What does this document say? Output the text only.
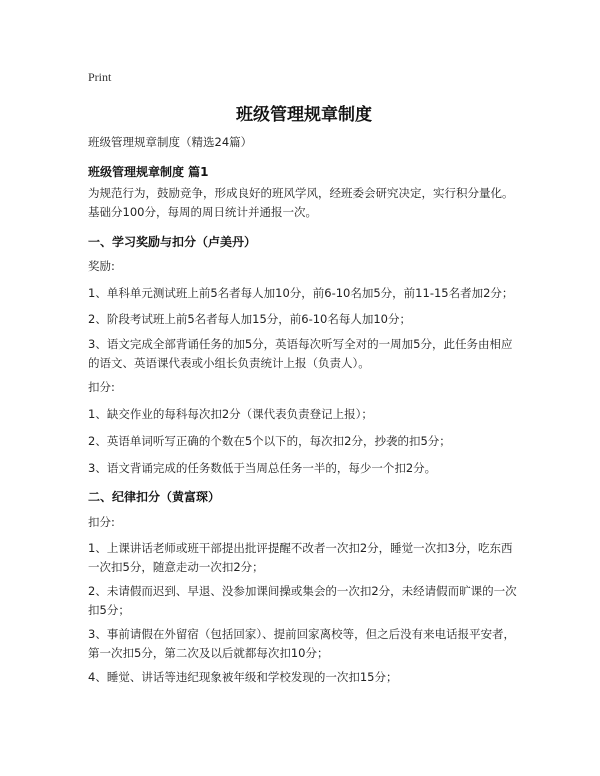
Print
班级管理规章制度
班级管理规章制度（精选24篇）
班级管理规章制度 篇1
为规范行为，鼓励竞争，形成良好的班风学风，经班委会研究决定，实行积分量化。基础分100分，每周的周日统计并通报一次。
一、学习奖励与扣分（卢美丹）
奖励:
1、单科单元测试班上前5名者每人加10分，前6-10名加5分，前11-15名者加2分；
2、阶段考试班上前5名者每人加15分，前6-10名每人加10分；
3、语文完成全部背诵任务的加5分，英语每次听写全对的一周加5分，此任务由相应的语文、英语课代表或小组长负责统计上报（负责人）。
扣分:
1、缺交作业的每科每次扣2分（课代表负责登记上报）；
2、英语单词听写正确的个数在5个以下的，每次扣2分，抄袭的扣5分；
3、语文背诵完成的任务数低于当周总任务一半的，每少一个扣2分。
二、纪律扣分（黄富琛）
扣分:
1、上课讲话老师或班干部提出批评提醒不改者一次扣2分，睡觉一次扣3分，吃东西一次扣5分，随意走动一次扣2分；
2、未请假而迟到、早退、没参加课间操或集会的一次扣2分，未经请假而旷课的一次扣5分；
3、事前请假在外留宿（包括回家）、提前回家离校等，但之后没有来电话报平安者，第一次扣5分，第二次及以后就都每次扣10分；
4、睡觉、讲话等违纪现象被年级和学校发现的一次扣15分；
